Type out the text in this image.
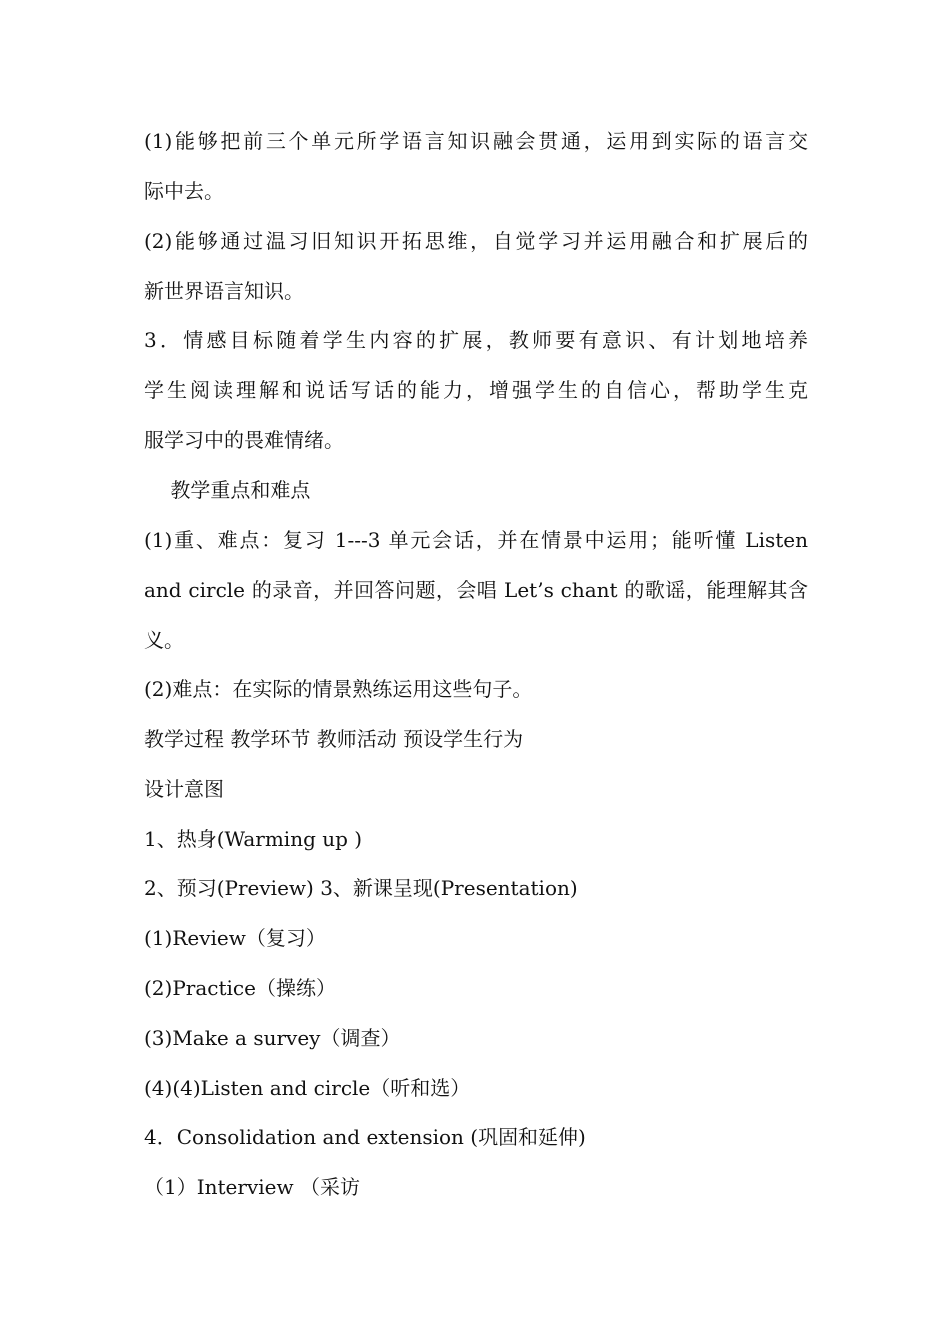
(1)能够把前三个单元所学语言知识融会贯通，运用到实际的语言交
际中去。
(2)能够通过温习旧知识开拓思维，自觉学习并运用融合和扩展后的
新世界语言知识。
3．情感目标随着学生内容的扩展，教师要有意识、有计划地培养
学生阅读理解和说话写话的能力，增强学生的自信心，帮助学生克
服学习中的畏难情绪。
　 教学重点和难点
(1)重、难点：复习 1---3 单元会话，并在情景中运用；能听懂 Listen
and circle 的录音，并回答问题，会唱 Let’s chant 的歌谣，能理解其含
义。
(2)难点：在实际的情景熟练运用这些句子。
教学过程 教学环节 教师活动 预设学生行为
设计意图
1、热身(Warming up )
2、预习(Preview) 3、新课呈现(Presentation)
(1)Review（复习）
(2)Practice（操练）
(3)Make a survey（调查）
(4)(4)Listen and circle（听和选）
4．Consolidation and extension (巩固和延伸)
（1）Interview （采访
